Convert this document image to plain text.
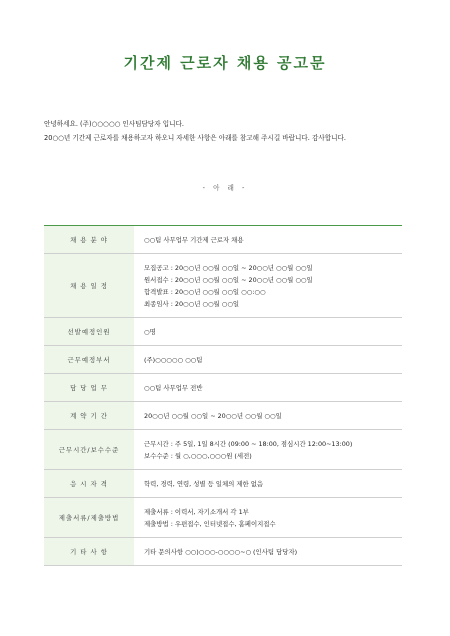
기간제 근로자 채용 공고문
안녕하세요. (주)○○○○○ 인사팀담당자 입니다.
20○○년 기간제 근로자를 채용하고자 하오니 자세한 사항은 아래를 참고해 주시길 바랍니다. 감사합니다.
- 아 래 -
채 용 분 야	○○팀 사무업무 기간제 근로자 채용

채 용 일 정	모집공고 : 20○○년 ○○월 ○○일 ~ 20○○년 ○○월 ○○일
원서접수 : 20○○년 ○○월 ○○일 ~ 20○○년 ○○월 ○○일
합격발표 : 20○○년 ○○월 ○○일 ○○:○○
최종임사 : 20○○년 ○○월 ○○일

선발예정인원	○명

근무예정부서	(주)○○○○○ ○○팀

담 당 업 무	○○팀 사무업무 전반

계 약 기 간	20○○년 ○○월 ○○일 ~ 20○○년 ○○월 ○○일

근무시간/보수수준	근무시간 : 주 5일, 1일 8시간 (09:00 ~ 18:00, 점심시간 12:00~13:00)
보수수준 : 월 ○,○○○,○○○원 (세전)

응 시 자 격	학력, 경력, 연령, 성별 등 일체의 제한 없음

제출서류/제출방법	제출서류 : 이력서, 자기소개서 각 1부
제출방법 : 우편접수, 인터넷접수, 홈페이지접수

기 타 사 항	기타 문의사항 ○○)○○○-○○○○~○ (인사팀 담당자)
